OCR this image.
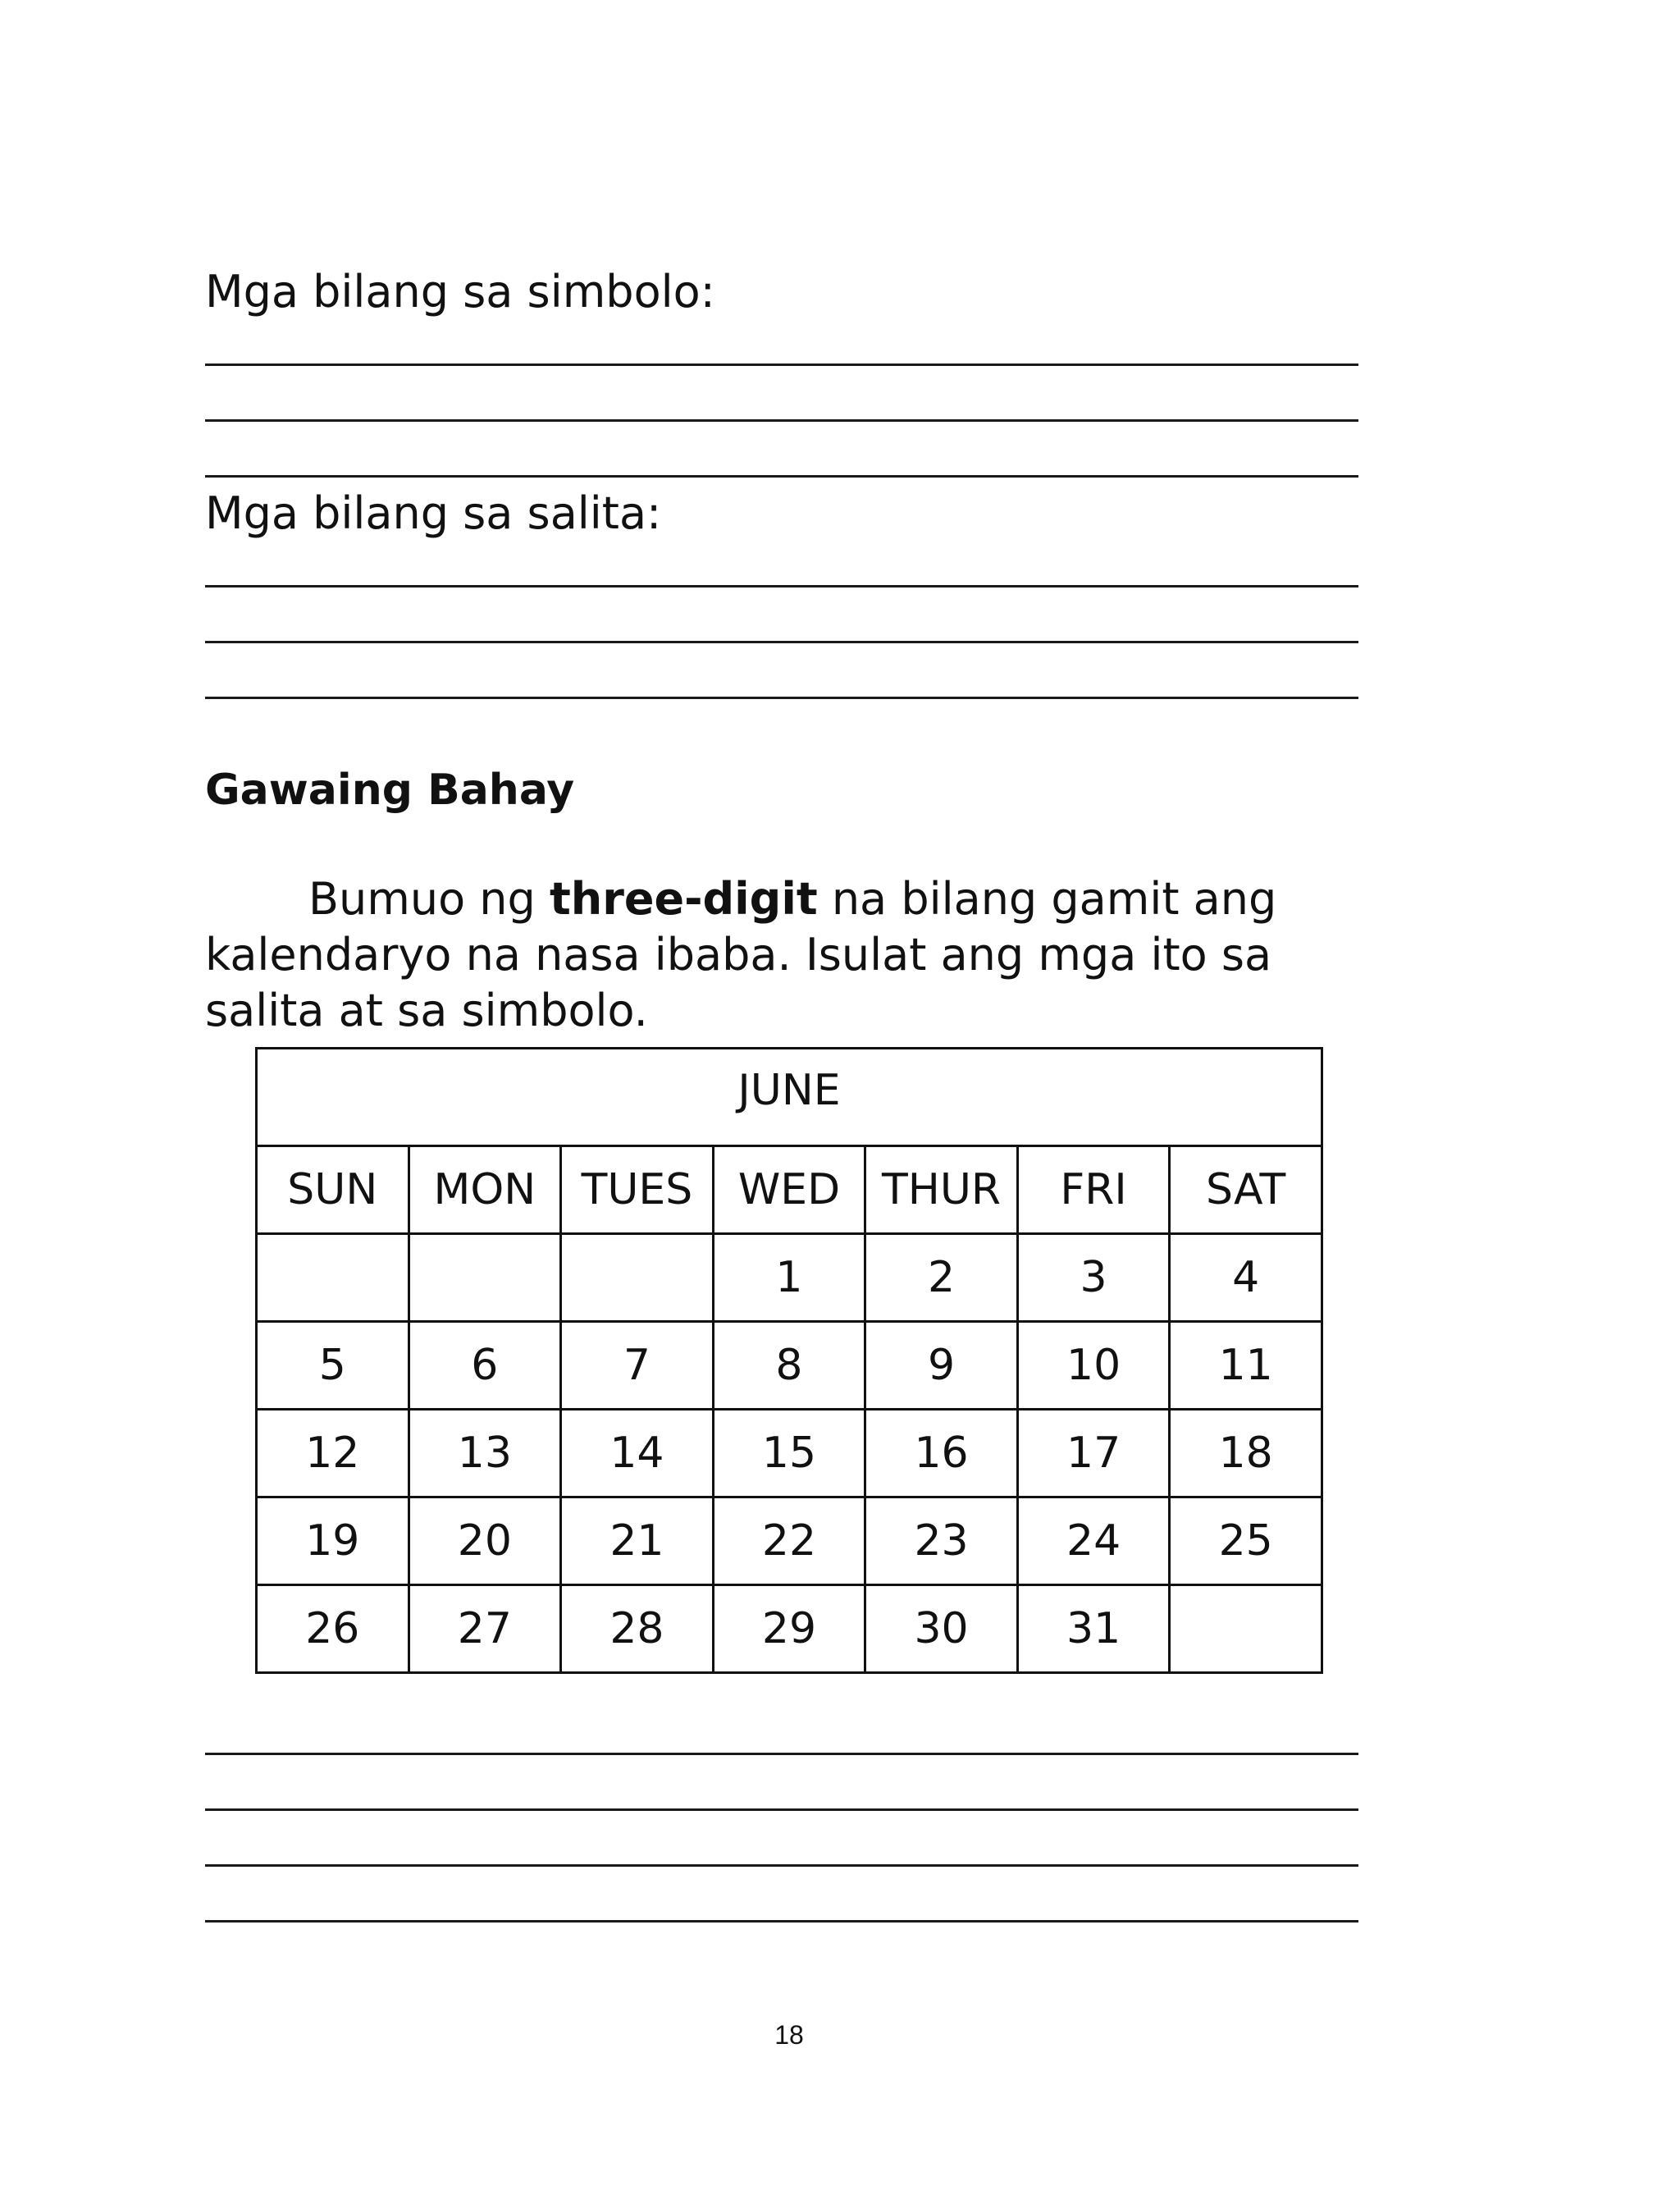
Mga bilang sa simbolo:
Mga bilang sa salita:
Gawaing Bahay
Bumuo ng three-digit na bilang gamit ang kalendaryo na nasa ibaba. Isulat ang mga ito sa salita at sa simbolo.
JUNE						
SUN	MON	TUES	WED	THUR	FRI	SAT
			1	2	3	4
5	6	7	8	9	10	11
12	13	14	15	16	17	18
19	20	21	22	23	24	25
26	27	28	29	30	31	
18
